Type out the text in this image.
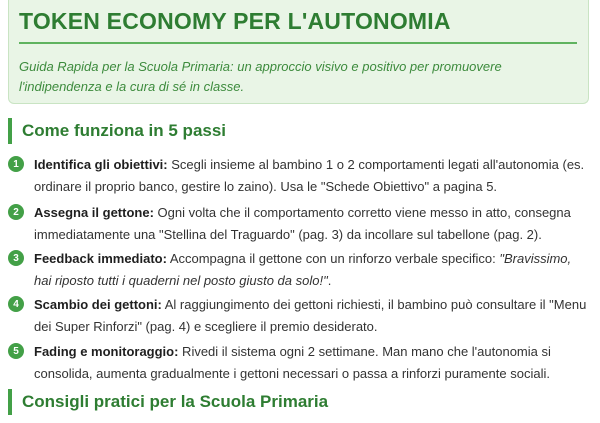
TOKEN ECONOMY PER L'AUTONOMIA

Guida Rapida per la Scuola Primaria: un approccio visivo e positivo per promuovere l'indipendenza e la cura di sé in classe.

Come funziona in 5 passi
1	Identifica gli obiettivi: Scegli insieme al bambino 1 o 2 comportamenti legati all'autonomia (es. ordinare il proprio banco, gestire lo zaino). Usa le "Schede Obiettivo" a pagina 5.

2	Assegna il gettone: Ogni volta che il comportamento corretto viene messo in atto, consegna immediatamente una "Stellina del Traguardo" (pag. 3) da incollare sul tabellone (pag. 2).

3	Feedback immediato: Accompagna il gettone con un rinforzo verbale specifico: "Bravissimo, hai riposto tutti i quaderni nel posto giusto da solo!".

4	Scambio dei gettoni: Al raggiungimento dei gettoni richiesti, il bambino può consultare il "Menu dei Super Rinforzi" (pag. 4) e scegliere il premio desiderato.

5	Fading e monitoraggio: Rivedi il sistema ogni 2 settimane. Man mano che l'autonomia si consolida, aumenta gradualmente i gettoni necessari o passa a rinforzi puramente sociali.

Consigli pratici per la Scuola Primaria
